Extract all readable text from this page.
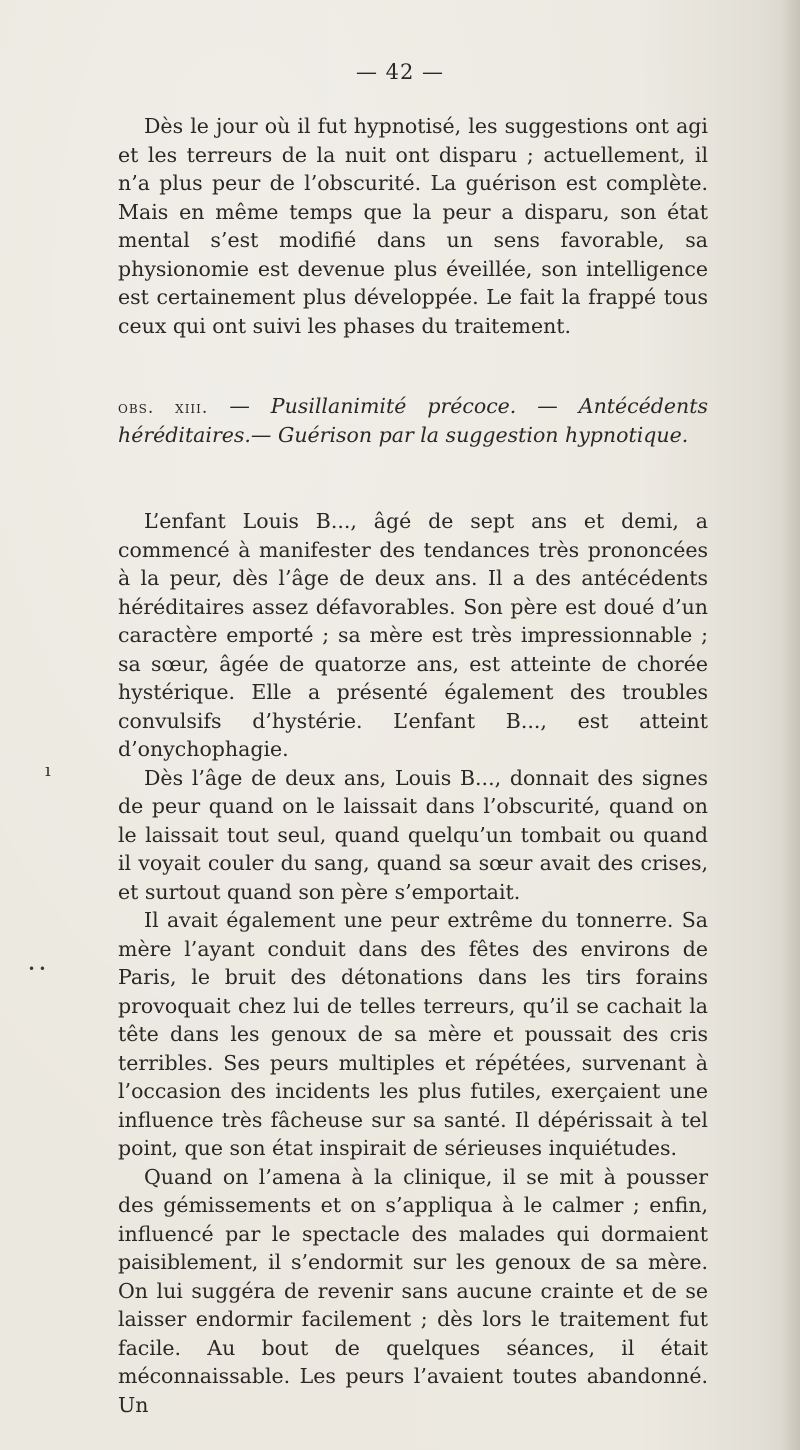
— 42 —

Dès le jour où il fut hypnotisé, les suggestions ont agi et les terreurs de la nuit ont disparu ; actuellement, il n’a plus peur de l’obscurité. La guérison est complète. Mais en même temps que la peur a disparu, son état mental s’est modifié dans un sens favorable, sa physionomie est devenue plus éveillée, son intelligence est certainement plus développée. Le fait la frappé tous ceux qui ont suivi les phases du traitement.

obs. xiii. — Pusillanimité précoce. — Antécédents héréditaires.— Guérison par la suggestion hypnotique.

L’enfant Louis B..., âgé de sept ans et demi, a commencé à manifester des tendances très prononcées à la peur, dès l’âge de deux ans. Il a des antécédents héréditaires assez défavorables. Son père est doué d’un caractère emporté ; sa mère est très impressionnable ; sa sœur, âgée de quatorze ans, est atteinte de chorée hystérique. Elle a présenté également des troubles convulsifs d’hystérie. L’enfant B..., est atteint d’onychophagie.

Dès l’âge de deux ans, Louis B..., donnait des signes de peur quand on le laissait dans l’obscurité, quand on le laissait tout seul, quand quelqu’un tombait ou quand il voyait couler du sang, quand sa sœur avait des crises, et surtout quand son père s’emportait.

Il avait également une peur extrême du tonnerre. Sa mère l’ayant conduit dans des fêtes des environs de Paris, le bruit des détonations dans les tirs forains provoquait chez lui de telles terreurs, qu’il se cachait la tête dans les genoux de sa mère et poussait des cris terribles. Ses peurs multiples et répétées, survenant à l’occasion des incidents les plus futiles, exerçaient une influence très fâcheuse sur sa santé. Il dépérissait à tel point, que son état inspirait de sérieuses inquiétudes.

Quand on l’amena à la clinique, il se mit à pousser des gémissements et on s’appliqua à le calmer ; enfin, influencé par le spectacle des malades qui dormaient paisiblement, il s’endormit sur les genoux de sa mère. On lui suggéra de revenir sans aucune crainte et de se laisser endormir facilement ; dès lors le traitement fut facile. Au bout de quelques séances, il était méconnaissable. Les peurs l’avaient toutes abandonné. Un

ı
• •
